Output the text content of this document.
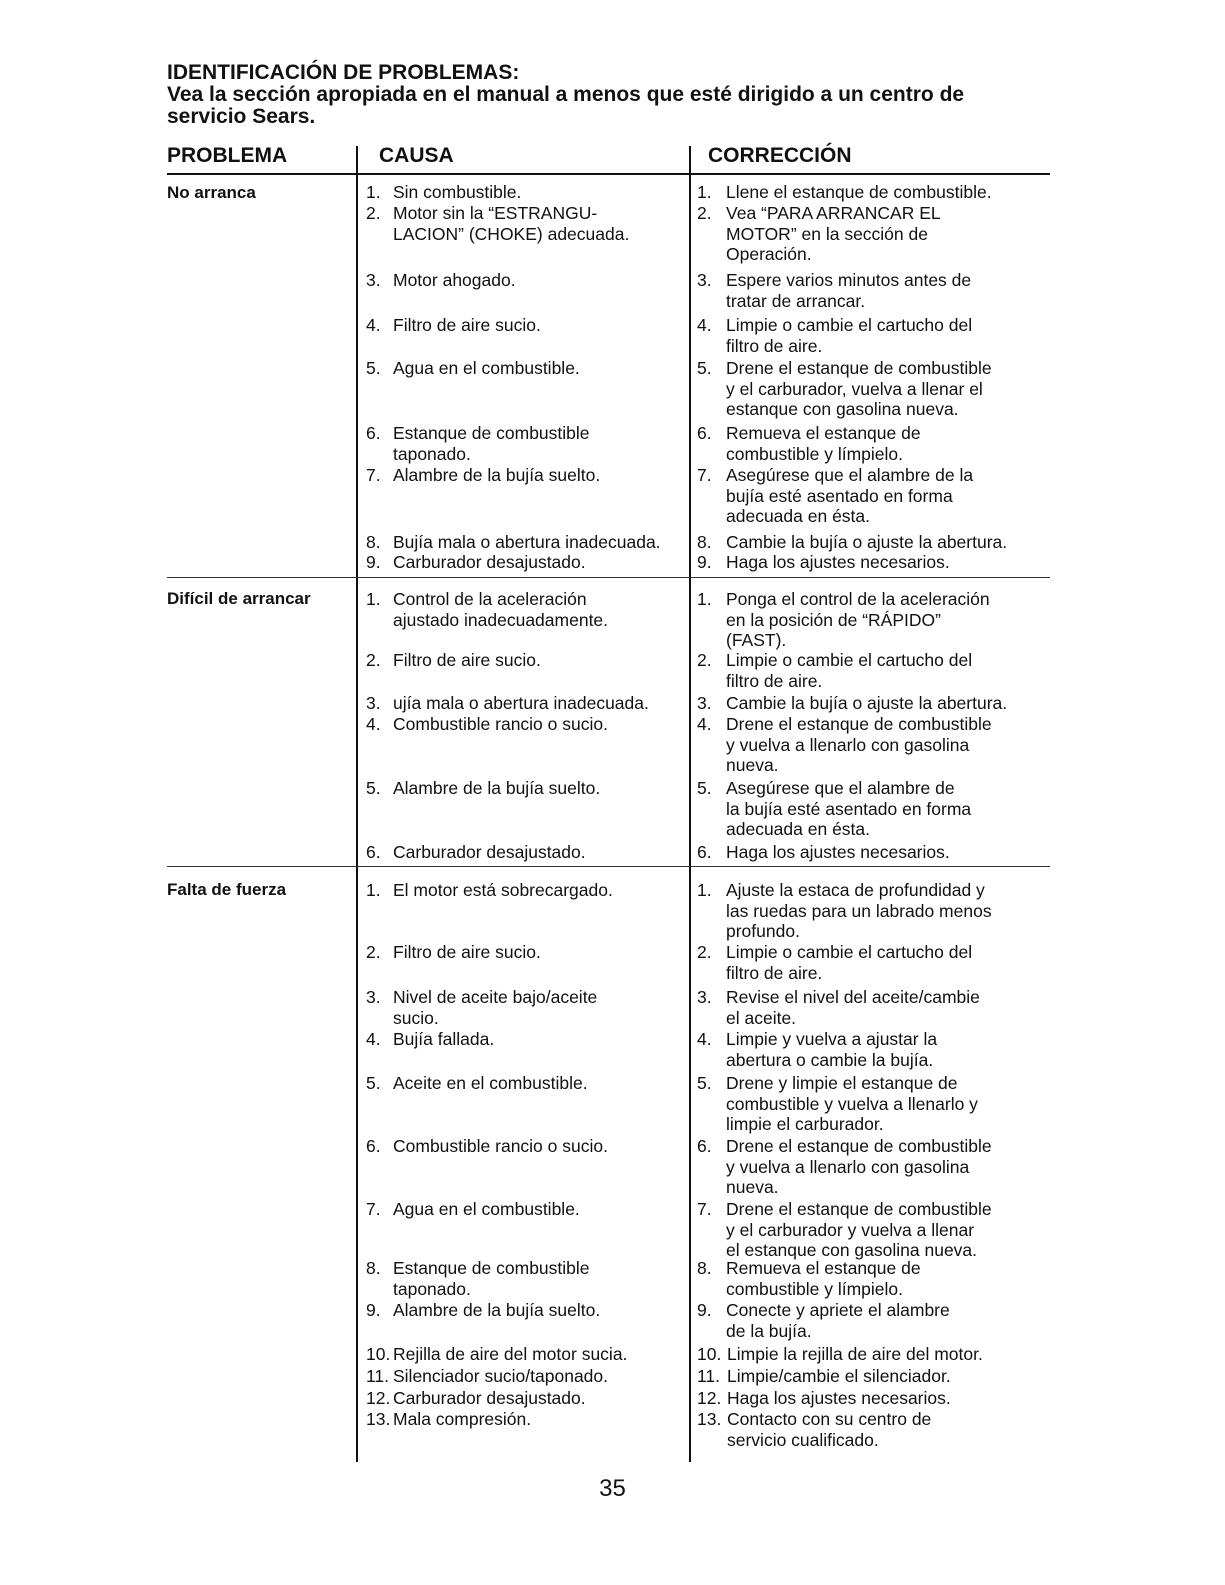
IDENTIFICACIÓN DE PROBLEMAS:
Vea la sección apropiada en el manual a menos que esté dirigido a un centro de
servicio Sears.
PROBLEMA	CAUSA	CORRECCIÓN
No arranca
Difícil de arrancar
Falta de fuerza
1. Sin combustible.
2. Motor sin la “ESTRANGU-
LACION” (CHOKE) adecuada.
3. Motor ahogado.
4. Filtro de aire sucio.
5. Agua en el combustible.
6. Estanque de combustible
taponado.
7. Alambre de la bujía suelto.
8. Bujía mala o abertura inadecuada.
9. Carburador desajustado.
1. Llene el estanque de combustible.
2. Vea “PARA ARRANCAR EL
MOTOR” en la sección de
Operación.
3. Espere varios minutos antes de
tratar de arrancar.
4. Limpie o cambie el cartucho del
filtro de aire.
5. Drene el estanque de combustible
y el carburador, vuelva a llenar el
estanque con gasolina nueva.
6. Remueva el estanque de
combustible y límpielo.
7. Asegúrese que el alambre de la
bujía esté asentado en forma
adecuada en ésta.
8. Cambie la bujía o ajuste la abertura.
9. Haga los ajustes necesarios.
1. Control de la aceleración
ajustado inadecuadamente.
2. Filtro de aire sucio.
3. ujía mala o abertura inadecuada.
4. Combustible rancio o sucio.
5. Alambre de la bujía suelto.
6. Carburador desajustado.
1. Ponga el control de la aceleración
en la posición de “RÁPIDO”
(FAST).
2. Limpie o cambie el cartucho del
filtro de aire.
3. Cambie la bujía o ajuste la abertura.
4. Drene el estanque de combustible
y vuelva a llenarlo con gasolina
nueva.
5. Asegúrese que el alambre de
la bujía esté asentado en forma
adecuada en ésta.
6. Haga los ajustes necesarios.
1. El motor está sobrecargado.
2. Filtro de aire sucio.
3. Nivel de aceite bajo/aceite
sucio.
4. Bujía fallada.
5. Aceite en el combustible.
6. Combustible rancio o sucio.
7. Agua en el combustible.
8. Estanque de combustible
taponado.
9. Alambre de la bujía suelto.
10. Rejilla de aire del motor sucia.
11. Silenciador sucio/taponado.
12. Carburador desajustado.
13. Mala compresión.
1. Ajuste la estaca de profundidad y
las ruedas para un labrado menos
profundo.
2. Limpie o cambie el cartucho del
filtro de aire.
3. Revise el nivel del aceite/cambie
el aceite.
4. Limpie y vuelva a ajustar la
abertura o cambie la bujía.
5. Drene y limpie el estanque de
combustible y vuelva a llenarlo y
limpie el carburador.
6. Drene el estanque de combustible
y vuelva a llenarlo con gasolina
nueva.
7. Drene el estanque de combustible
y el carburador y vuelva a llenar
el estanque con gasolina nueva.
8. Remueva el estanque de
combustible y límpielo.
9. Conecte y apriete el alambre
de la bujía.
10. Limpie la rejilla de aire del motor.
11. Limpie/cambie el silenciador.
12. Haga los ajustes necesarios.
13. Contacto con su centro de
servicio cualificado.
35
